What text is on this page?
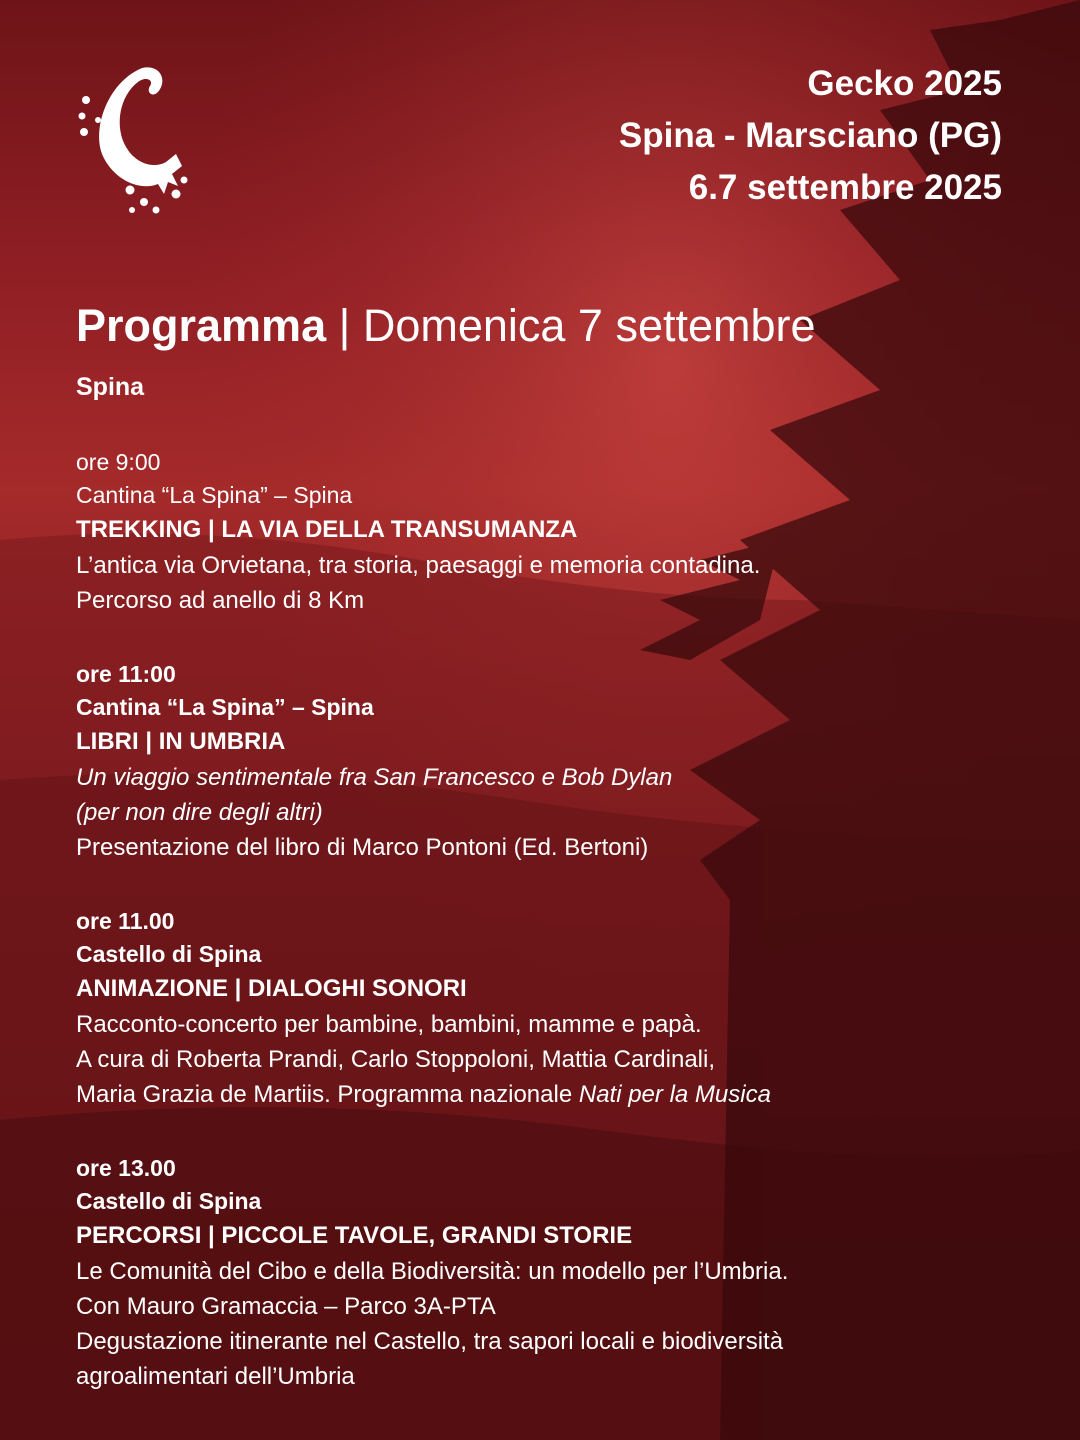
Gecko 2025
Spina - Marsciano (PG)
6.7 settembre 2025
Programma | Domenica 7 settembre
Spina
ore 9:00
Cantina “La Spina” – Spina
TREKKING | LA VIA DELLA TRANSUMANZA
L’antica via Orvietana, tra storia, paesaggi e memoria contadina.
Percorso ad anello di 8 Km
ore 11:00
Cantina “La Spina” – Spina
LIBRI | IN UMBRIA
Un viaggio sentimentale fra San Francesco e Bob Dylan
(per non dire degli altri)
Presentazione del libro di Marco Pontoni (Ed. Bertoni)
ore 11.00
Castello di Spina
ANIMAZIONE | DIALOGHI SONORI
Racconto-concerto per bambine, bambini, mamme e papà.
A cura di Roberta Prandi, Carlo Stoppoloni, Mattia Cardinali,
Maria Grazia de Martiis. Programma nazionale Nati per la Musica
ore 13.00
Castello di Spina
PERCORSI | PICCOLE TAVOLE, GRANDI STORIE
Le Comunità del Cibo e della Biodiversità: un modello per l’Umbria.
Con Mauro Gramaccia – Parco 3A-PTA
Degustazione itinerante nel Castello, tra sapori locali e biodiversità
agroalimentari dell’Umbria
